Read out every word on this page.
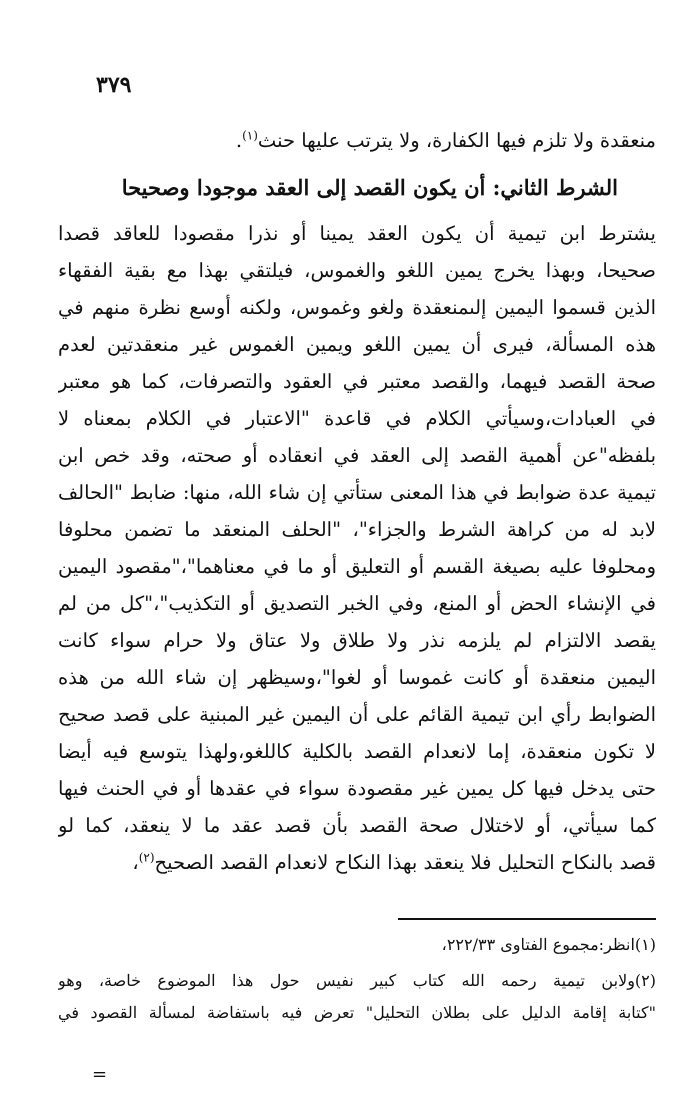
٣٧٩
منعقدة ولا تلزم فيها الكفارة، ولا يترتب عليها حنث$^{(١)}$.
الشرط الثاني: أن يكون القصد إلى العقد موجودا وصحيحا
يشترط ابن تيمية أن يكون العقد يمينا أو نذرا مقصودا للعاقد قصدا
صحيحا، وبهذا يخرج يمين اللغو والغموس، فيلتقي بهذا مع بقية الفقهاء
الذين قسموا اليمين إلىمنعقدة ولغو وغموس، ولكنه أوسع نظرة منهم في
هذه المسألة، فيرى أن يمين اللغو ويمين الغموس غير منعقدتين لعدم
صحة القصد فيهما، والقصد معتبر في العقود والتصرفات، كما هو معتبر
في العبادات،وسيأتي الكلام في قاعدة "الاعتبار في الكلام بمعناه لا
بلفظه"عن أهمية القصد إلى العقد في انعقاده أو صحته، وقد خص ابن
تيمية عدة ضوابط في هذا المعنى ستأتي إن شاء الله، منها: ضابط "الحالف
لابد له من كراهة الشرط والجزاء"، "الحلف المنعقد ما تضمن محلوفا
ومحلوفا عليه بصيغة القسم أو التعليق أو ما في معناهما"،"مقصود اليمين
في الإنشاء الحض أو المنع، وفي الخبر التصديق أو التكذيب"،"كل من لم
يقصد الالتزام لم يلزمه نذر ولا طلاق ولا عتاق ولا حرام سواء كانت
اليمين منعقدة أو كانت غموسا أو لغوا"،وسيظهر إن شاء الله من هذه
الضوابط رأي ابن تيمية القائم على أن اليمين غير المبنية على قصد صحيح
لا تكون منعقدة، إما لانعدام القصد بالكلية كاللغو،ولهذا يتوسع فيه أيضا
حتى يدخل فيها كل يمين غير مقصودة سواء في عقدها أو في الحنث فيها
كما سيأتي، أو لاختلال صحة القصد بأن قصد عقد ما لا ينعقد، كما لو
قصد بالنكاح التحليل فلا ينعقد بهذا النكاح لانعدام القصد الصحيح$^{(٢)}$،
(١)انظر:مجموع الفتاوى ٢٢٢/٣٣،
(٢)ولابن تيمية رحمه الله كتاب كبير نفيس حول هذا الموضوع خاصة، وهو
"كتابة إقامة الدليل على بطلان التحليل" تعرض فيه باستفاضة لمسألة القصود في
=
